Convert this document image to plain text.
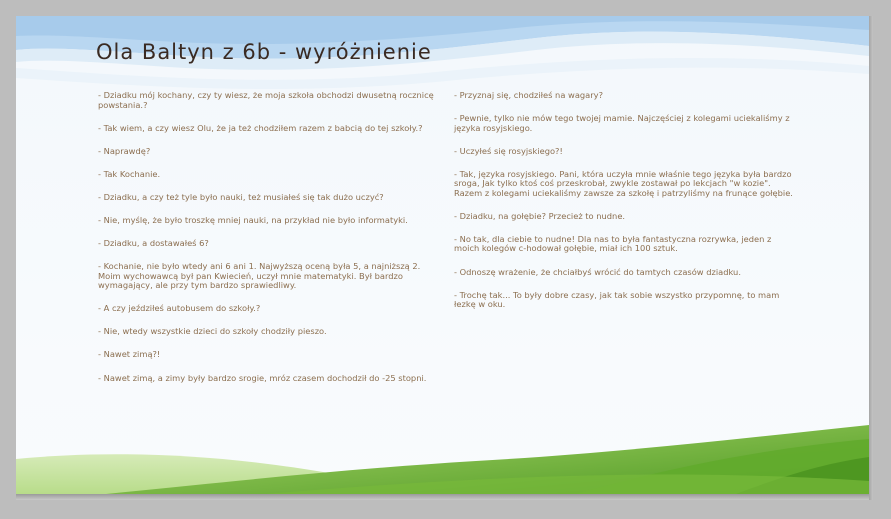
Ola Baltyn z 6b - wyróżnienie

- Dziadku mój kochany, czy ty wiesz, że moja szkoła obchodzi dwusetną rocznicę powstania.?

- Tak wiem, a czy wiesz Olu, że ja też chodziłem razem z babcią do tej szkoły.?

- Naprawdę?

- Tak Kochanie.

- Dziadku, a czy też tyle było nauki, też musiałeś się tak dużo uczyć?

- Nie, myślę, że było troszkę mniej nauki, na przykład nie było informatyki.

- Dziadku, a dostawałeś 6?

- Kochanie, nie było wtedy ani 6 ani 1. Najwyższą oceną była 5, a najniższą 2. Moim wychowawcą był pan Kwiecień, uczył mnie matematyki. Był bardzo wymagający, ale przy tym bardzo sprawiedliwy.

- A czy jeździłeś autobusem do szkoły.?

- Nie, wtedy wszystkie dzieci do szkoły chodziły pieszo.

- Nawet zimą?!

- Nawet zimą, a zimy były bardzo srogie, mróz czasem dochodził do -25 stopni.

- Przyznaj się, chodziłeś na wagary?

- Pewnie, tylko nie mów tego twojej mamie. Najczęściej z kolegami uciekaliśmy z języka rosyjskiego.

- Uczyłeś się rosyjskiego?!

- Tak, języka rosyjskiego. Pani, która uczyła mnie właśnie tego języka była bardzo sroga, Jak tylko ktoś coś przeskrobał, zwykle zostawał po lekcjach "w kozie". Razem z kolegami uciekaliśmy zawsze za szkołę i patrzyliśmy na frunące gołębie.

- Dziadku, na gołębie? Przecież to nudne.

- No tak, dla ciebie to nudne! Dla nas to była fantastyczna rozrywka, jeden z moich kolegów c-hodował gołębie, miał ich 100 sztuk.

- Odnoszę wrażenie, że chciałbyś wrócić do tamtych czasów dziadku.

- Trochę tak... To były dobre czasy, jak tak sobie wszystko przypomnę, to mam łezkę w oku.
